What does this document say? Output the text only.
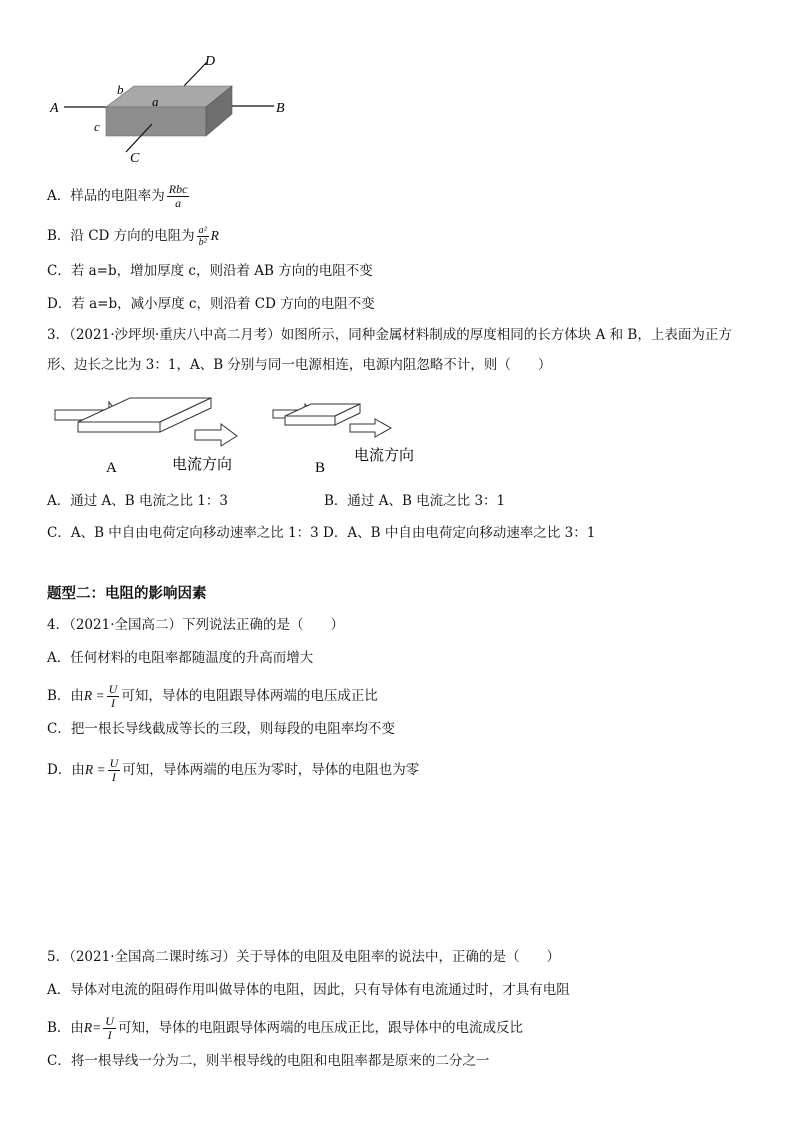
A	B
C
D
a
b
c
A．样品的电阻率为 $\frac{\text{Rbc}}{a}$
B．沿 CD 方向的电阻为 $\frac{\text{a²}}{\text{b²}}$ R
C．若 a=b，增加厚度 c，则沿着 AB 方向的电阻不变
D．若 a=b，减小厚度 c，则沿着 CD 方向的电阻不变
3．（2021·沙坪坝·重庆八中高二月考）如图所示，同种金属材料制成的厚度相同的长方体块 A 和 B，上表面为正方
形、边长之比为 3：1，A、B 分别与同一电源相连，电源内阻忽略不计，则（　　）
A	电流方向	B
电流方向
A．通过 A、B 电流之比 1：3	B．通过 A、B 电流之比 3：1
C．A、B 中自由电荷定向移动速率之比 1：3 D．A、B 中自由电荷定向移动速率之比 3：1
题型二：电阻的影响因素
4．（2021·全国高二）下列说法正确的是（　　）
A．任何材料的电阻率都随温度的升高而增大
B．由$R = \frac{U}{I}$ 可知，导体的电阻跟导体两端的电压成正比
C．把一根长导线截成等长的三段，则每段的电阻率均不变
D．由$R = \frac{U}{I}$ 可知，导体两端的电压为零时，导体的电阻也为零
5．（2021·全国高二课时练习）关于导体的电阻及电阻率的说法中，正确的是（　　）
A．导体对电流的阻碍作用叫做导体的电阻，因此，只有导体有电流通过时，才具有电阻
B．由$R= \frac{U}{I}$ 可知，导体的电阻跟导体两端的电压成正比，跟导体中的电流成反比
C．将一根导线一分为二，则半根导线的电阻和电阻率都是原来的二分之一
